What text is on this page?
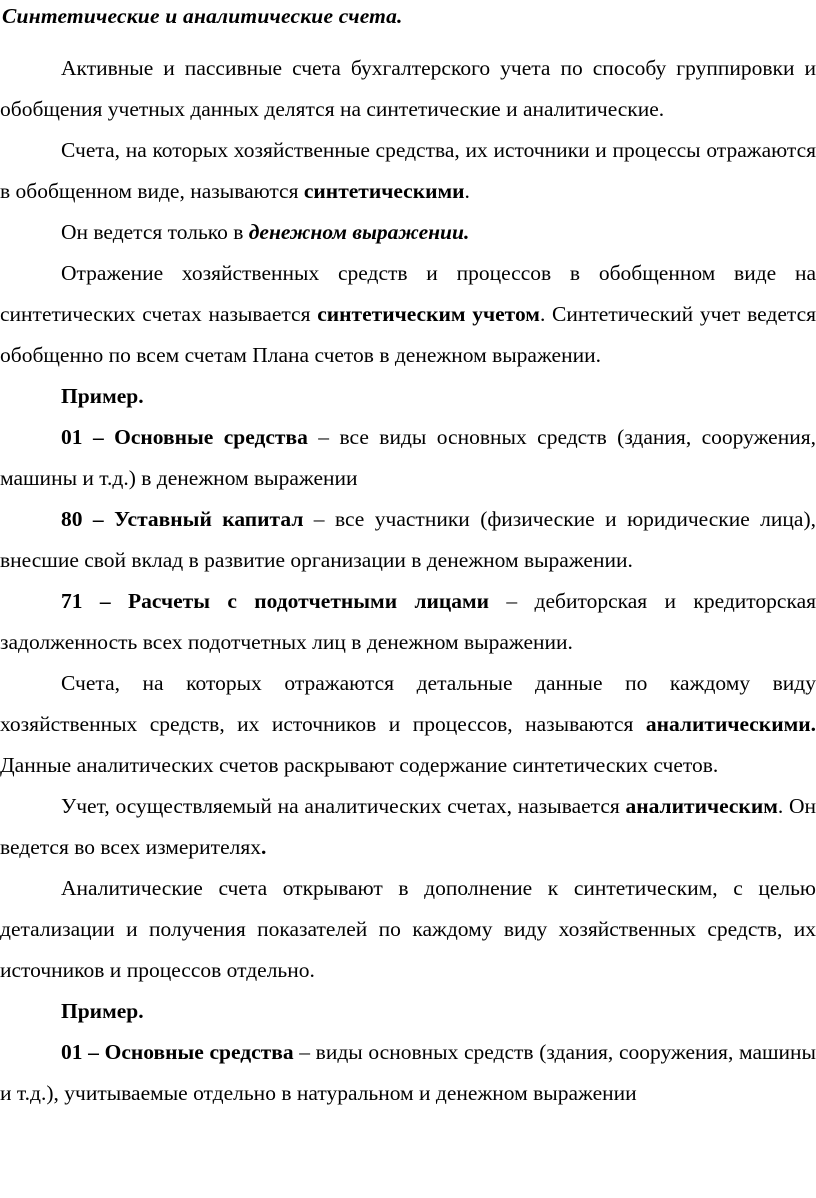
Синтетические и аналитические счета.

Активные и пассивные счета бухгалтерского учета по способу группировки и обобщения учетных данных делятся на синтетические и аналитические.

Счета, на которых хозяйственные средства, их источники и процессы отражаются в обобщенном виде, называются синтетическими.

Он ведется только в денежном выражении.

Отражение хозяйственных средств и процессов в обобщенном виде на синтетических счетах называется синтетическим учетом. Синтетический учет ведется обобщенно по всем счетам Плана счетов в денежном выражении.

Пример.

01 – Основные средства – все виды основных средств (здания, сооружения, машины и т.д.) в денежном выражении

80 – Уставный капитал – все участники (физические и юридические лица), внесшие свой вклад в развитие организации в денежном выражении.

71 – Расчеты с подотчетными лицами – дебиторская и кредиторская задолженность всех подотчетных лиц в денежном выражении.

Счета, на которых отражаются детальные данные по каждому виду хозяйственных средств, их источников и процессов, называются аналитическими. Данные аналитических счетов раскрывают содержание синтетических счетов.

Учет, осуществляемый на аналитических счетах, называется аналитическим. Он ведется во всех измерителях.

Аналитические счета открывают в дополнение к синтетическим, с целью детализации и получения показателей по каждому виду хозяйственных средств, их источников и процессов отдельно.

Пример.

01 – Основные средства – виды основных средств (здания, сооружения, машины и т.д.), учитываемые отдельно в натуральном и денежном выражении
